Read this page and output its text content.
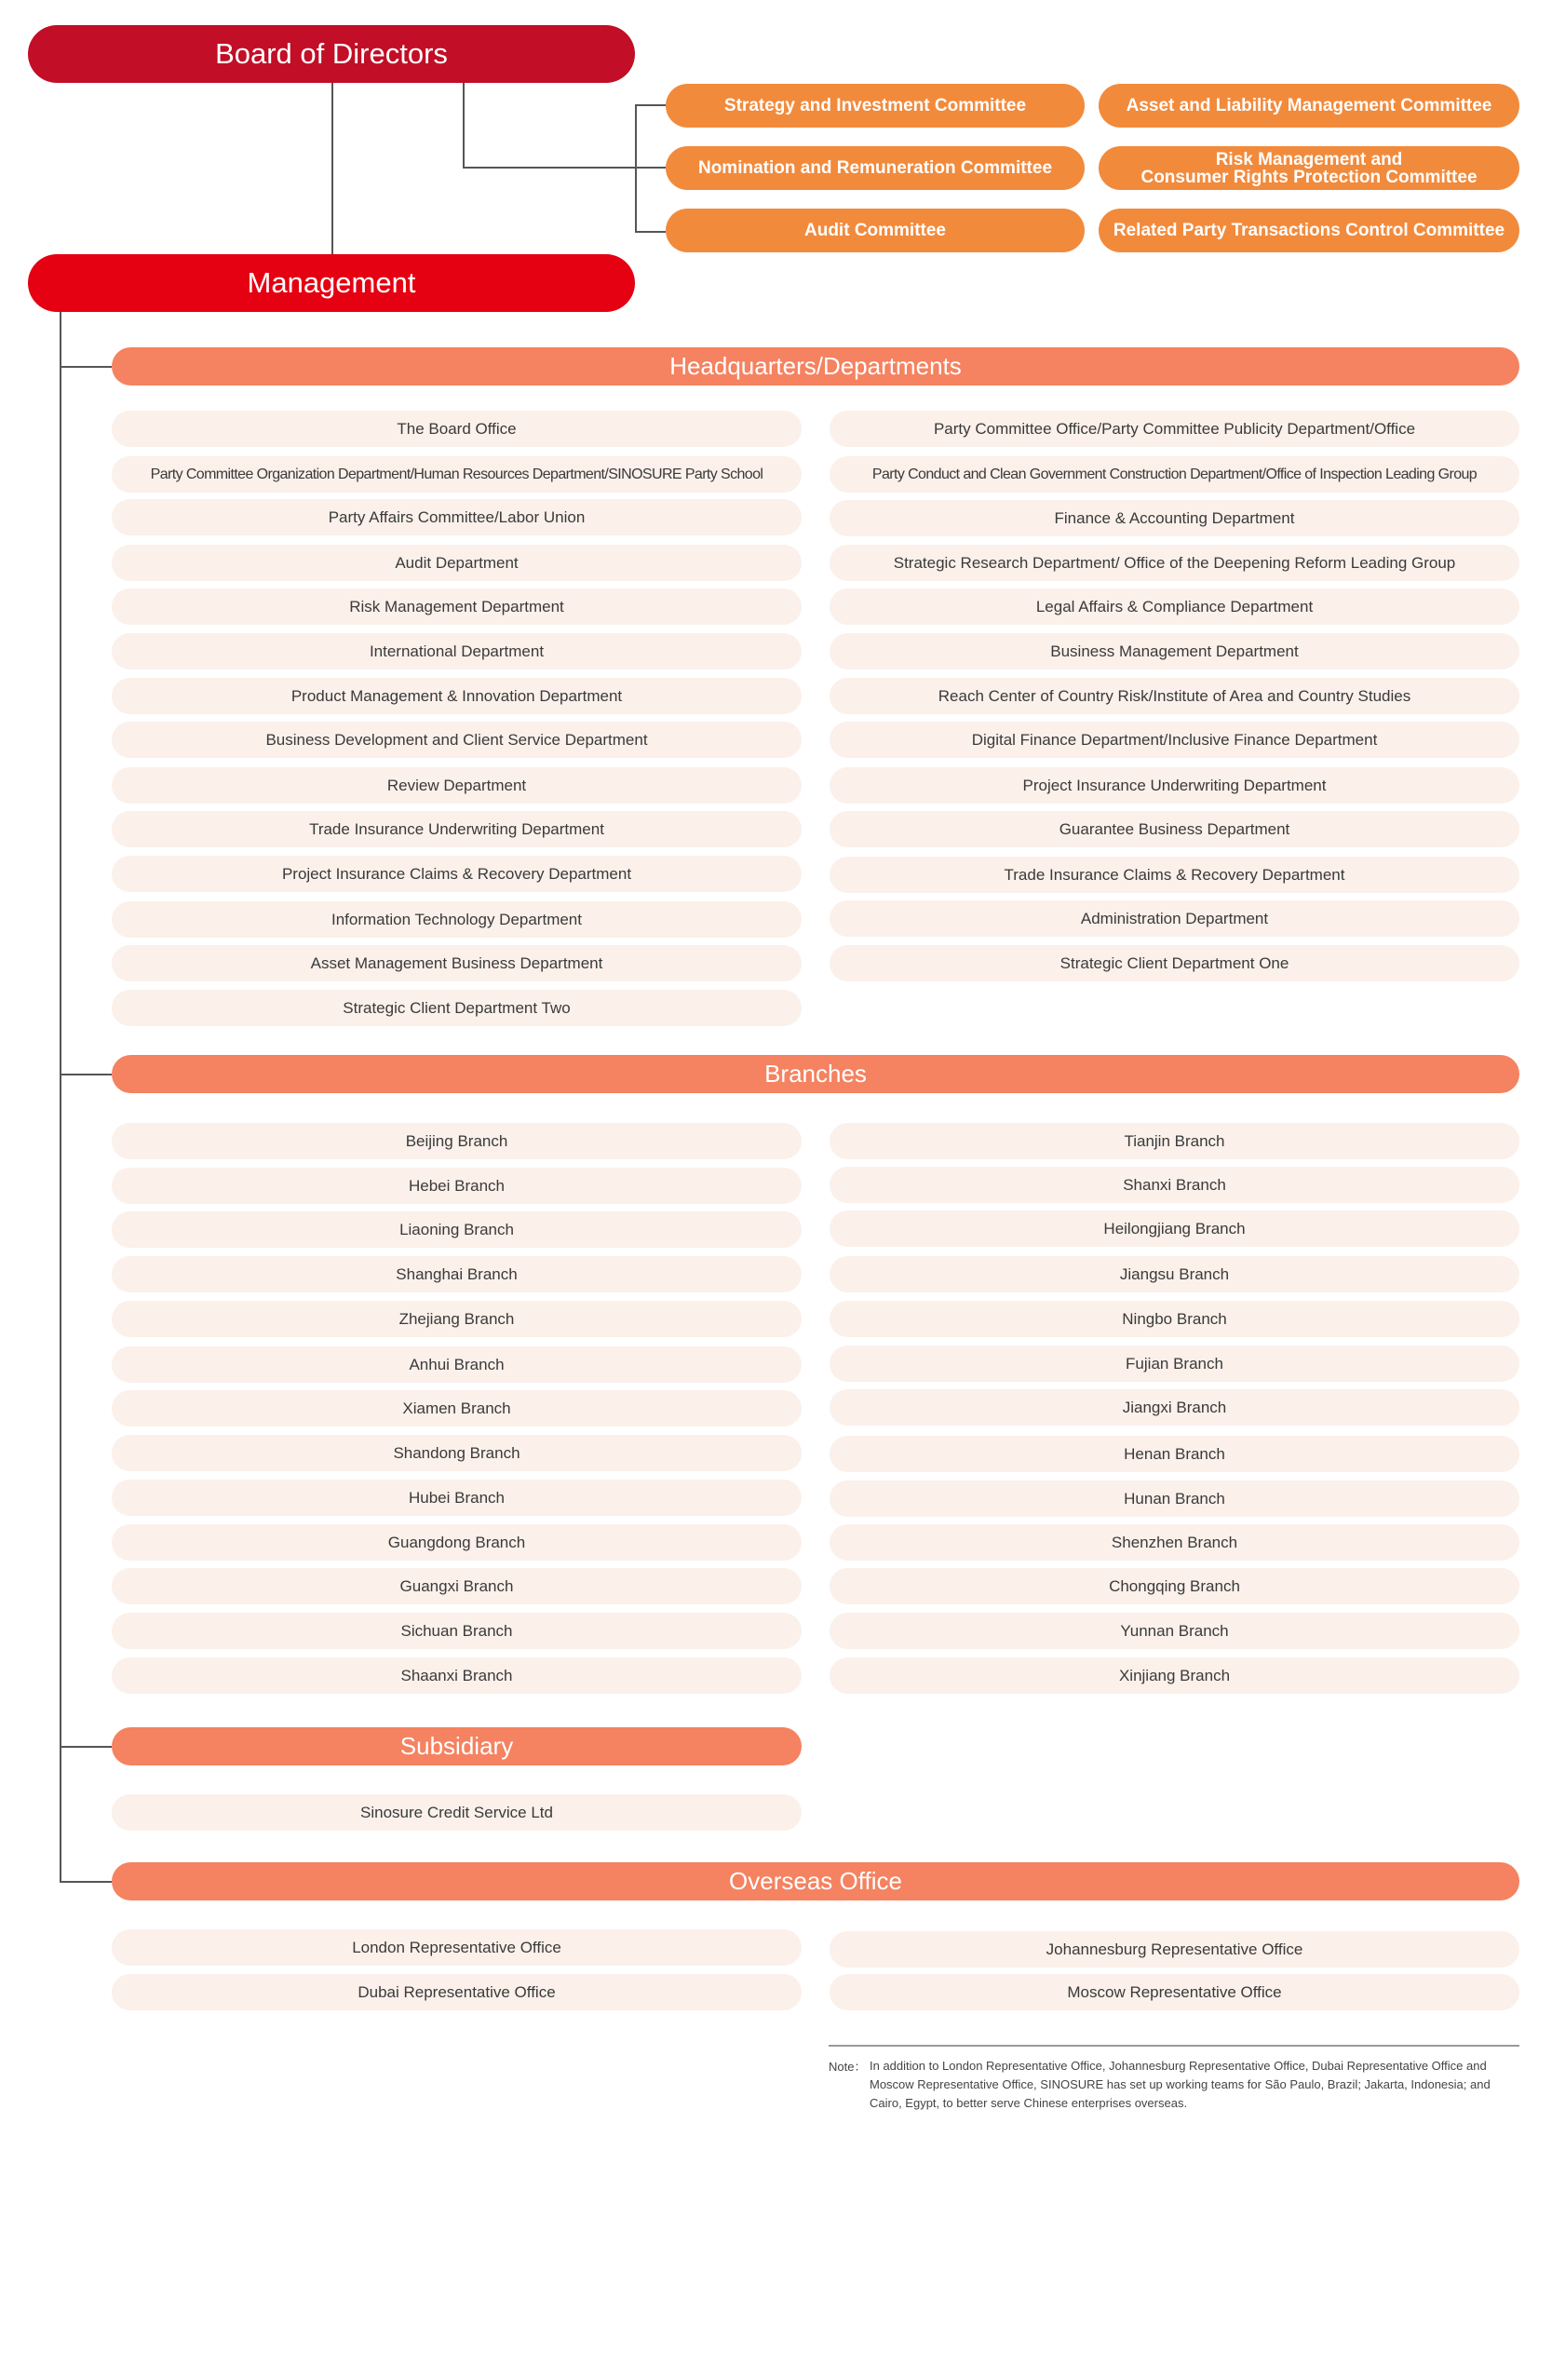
Board of Directors
Strategy and Investment Committee	Asset and Liability Management Committee
Nomination and Remuneration Committee	Risk Management and
Consumer Rights Protection Committee
Audit Committee	Related Party Transactions Control Committee
Management
Headquarters/Departments
The Board Office
Party Committee Organization Department/Human Resources Department/SINOSURE Party School
Party Affairs Committee/Labor Union
Audit Department
Risk Management Department
International Department
Product Management & Innovation Department
Business Development and Client Service Department
Review Department
Trade Insurance Underwriting Department
Project Insurance Claims & Recovery Department
Information Technology Department
Asset Management Business Department
Strategic Client Department Two
Party Committee Office/Party Committee Publicity Department/Office
Party Conduct and Clean Government Construction Department/Office of Inspection Leading Group
Finance & Accounting Department
Strategic Research Department/ Office of the Deepening Reform Leading Group
Legal Affairs & Compliance Department
Business Management Department
Reach Center of Country Risk/Institute of Area and Country Studies
Digital Finance Department/Inclusive Finance Department
Project Insurance Underwriting Department
Guarantee Business Department
Trade Insurance Claims & Recovery Department
Administration Department
Strategic Client Department One
Branches
Beijing Branch
Hebei Branch
Liaoning Branch
Shanghai Branch
Zhejiang Branch
Anhui Branch
Xiamen Branch
Shandong Branch
Hubei Branch
Guangdong Branch
Guangxi Branch
Sichuan Branch
Shaanxi Branch
Tianjin Branch
Shanxi Branch
Heilongjiang Branch
Jiangsu Branch
Ningbo Branch
Fujian Branch
Jiangxi Branch
Henan Branch
Hunan Branch
Shenzhen Branch
Chongqing Branch
Yunnan Branch
Xinjiang Branch
Subsidiary
Sinosure Credit Service Ltd
Overseas Office
London Representative Office
Dubai Representative Office
Johannesburg Representative Office
Moscow Representative Office
Note： In addition to London Representative Office, Johannesburg Representative Office, Dubai Representative Office and Moscow Representative Office, SINOSURE has set up working teams for São Paulo, Brazil; Jakarta, Indonesia; and Cairo, Egypt, to better serve Chinese enterprises overseas.
